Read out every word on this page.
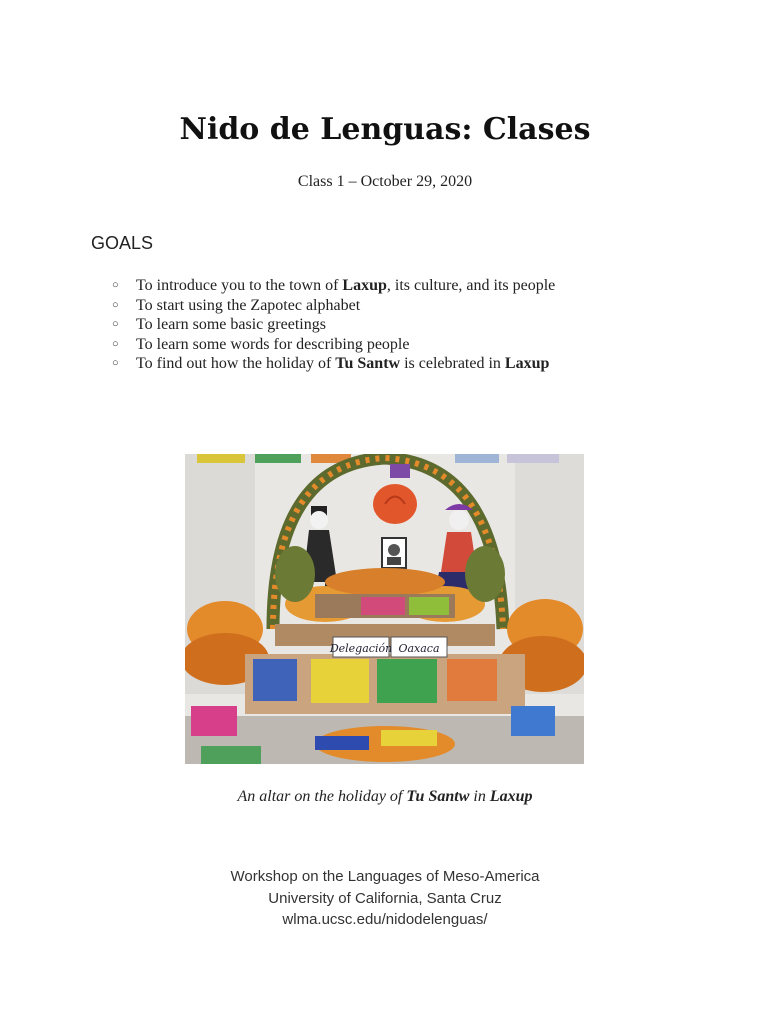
Nido de Lenguas: Clases
Class 1 – October 29, 2020
GOALS
○ To introduce you to the town of Laxup, its culture, and its people
○ To start using the Zapotec alphabet
○ To learn some basic greetings
○ To learn some words for describing people
○ To find out how the holiday of Tu Santw is celebrated in Laxup
Delegación Oaxaca
An altar on the holiday of Tu Santw in Laxup
Workshop on the Languages of Meso-America
University of California, Santa Cruz
wlma.ucsc.edu/nidodelenguas/
